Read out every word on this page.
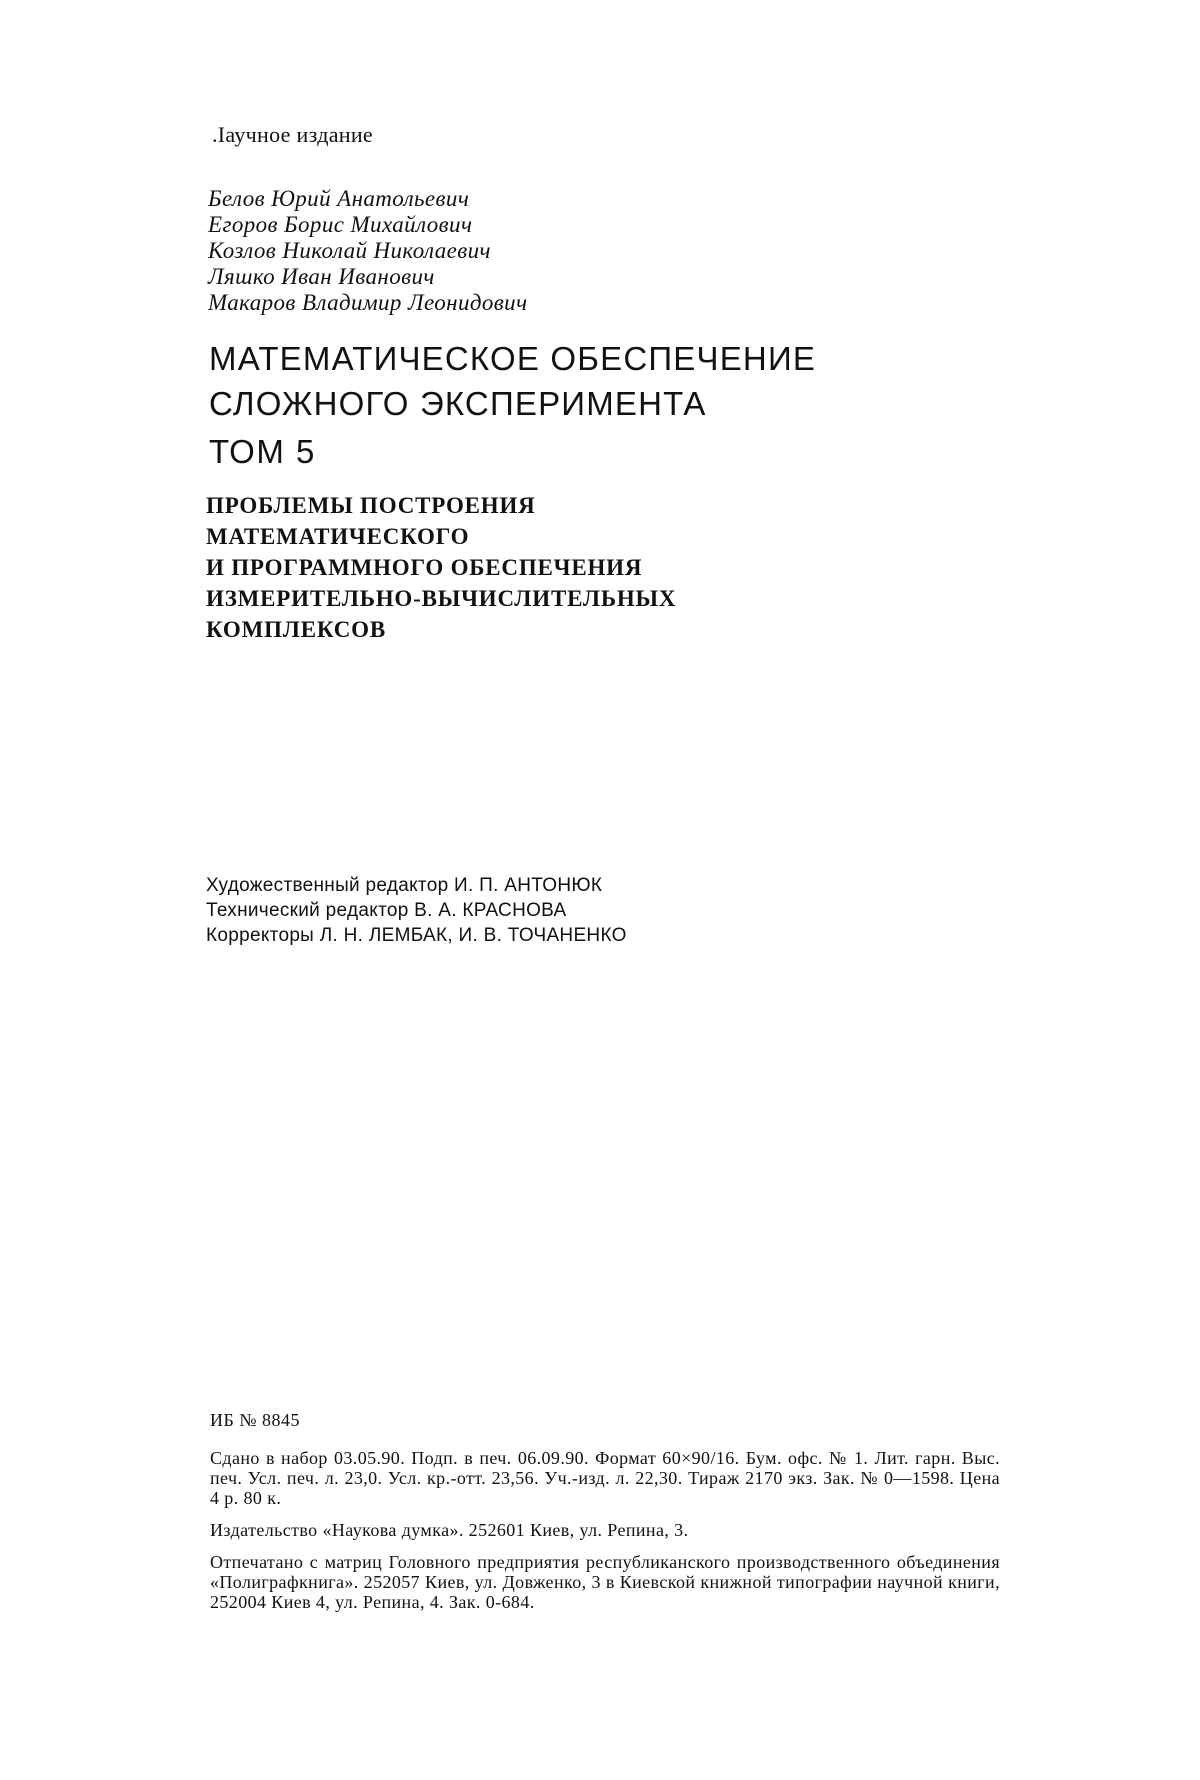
.Iаучное издание
Белов Юрий Анатольевич
Егоров Борис Михайлович
Козлов Николай Николаевич
Ляшко Иван Иванович
Макаров Владимир Леонидович
МАТЕМАТИЧЕСКОЕ ОБЕСПЕЧЕНИЕ
СЛОЖНОГО ЭКСПЕРИМЕНТА
ТОМ 5
ПРОБЛЕМЫ ПОСТРОЕНИЯ
МАТЕМАТИЧЕСКОГО
И ПРОГРАММНОГО ОБЕСПЕЧЕНИЯ
ИЗМЕРИТЕЛЬНО-ВЫЧИСЛИТЕЛЬНЫХ
КОМПЛЕКСОВ
Художественный редактор И. П. АНТОНЮК
Технический редактор В. А. КРАСНОВА
Корректоры Л. Н. ЛЕМБАК, И. В. ТОЧАНЕНКО
ИБ № 8845

Сдано в набор 03.05.90. Подп. в печ. 06.09.90. Формат 60×90/16. Бум. офс. № 1. Лит. гарн. Выс. печ. Усл. печ. л. 23,0. Усл. кр.-отт. 23,56. Уч.-изд. л. 22,30. Тираж 2170 экз. Зак. № 0—1598. Цена 4 р. 80 к.

Издательство «Наукова думка». 252601 Киев, ул. Репина, 3.

Отпечатано с матриц Головного предприятия республиканского производственного объединения «Полиграфкнига». 252057 Киев, ул. Довженко, 3 в Киевской книжной типографии научной книги, 252004 Киев 4, ул. Репина, 4. Зак. 0-684.
